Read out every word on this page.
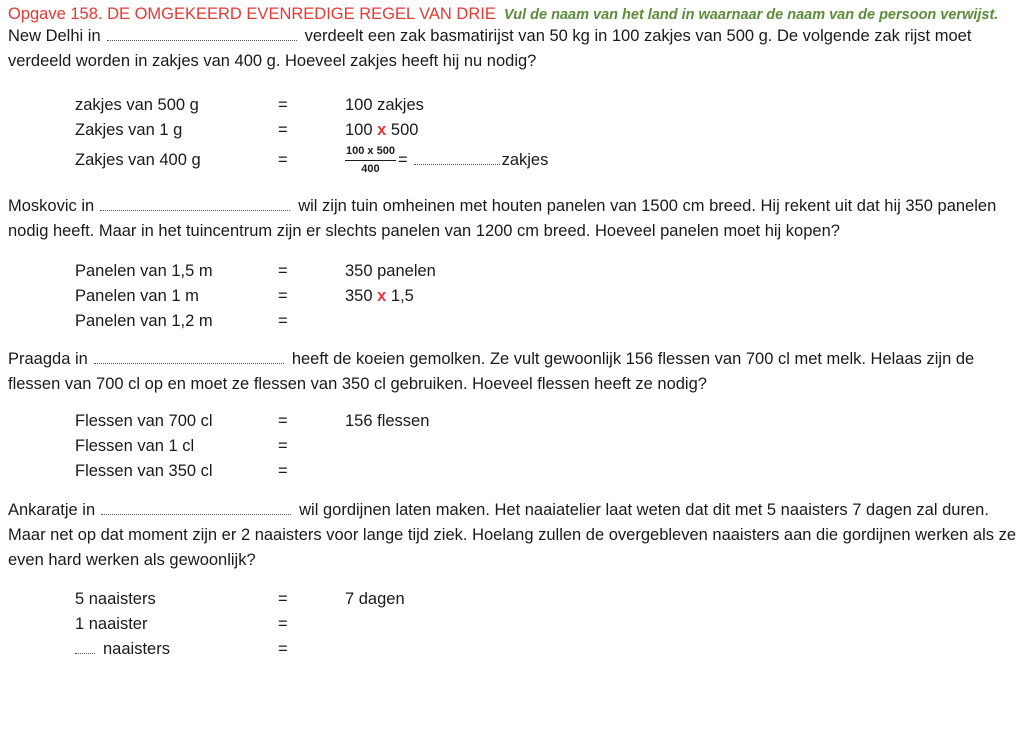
Opgave 158. DE OMGEKEERD EVENREDIGE REGEL VAN DRIE Vul de naam van het land in waarnaar de naam van de persoon verwijst.

New Delhi in	verdeelt een zak basmatirijst van 50 kg in 100 zakjes van 500 g. De volgende zak rijst moet verdeeld worden in zakjes van 400 g. Hoeveel zakjes heeft hij nu nodig?

zakjes van 500 g	=	100 zakjes
Zakjes van 1 g	=	100 x 500
Zakjes van 400 g	=	$\frac{100 x 500}{400}$ =	zakjes

Moskovic in	wil zijn tuin omheinen met houten panelen van 1500 cm breed. Hij rekent uit dat hij 350 panelen nodig heeft. Maar in het tuincentrum zijn er slechts panelen van 1200 cm breed. Hoeveel panelen moet hij kopen?

Panelen van 1,5 m	=	350 panelen
Panelen van 1 m	=	350 x 1,5
Panelen van 1,2 m	=

Praagda in	heeft de koeien gemolken. Ze vult gewoonlijk 156 flessen van 700 cl met melk. Helaas zijn de flessen van 700 cl op en moet ze flessen van 350 cl gebruiken. Hoeveel flessen heeft ze nodig?

Flessen van 700 cl	=	156 flessen
Flessen van 1 cl	=
Flessen van 350 cl	=

Ankaratje in	wil gordijnen laten maken. Het naaiatelier laat weten dat dit met 5 naaisters 7 dagen zal duren. Maar net op dat moment zijn er 2 naaisters voor lange tijd ziek. Hoelang zullen de overgebleven naaisters aan die gordijnen werken als ze even hard werken als gewoonlijk?

5 naaisters	=	7 dagen
1 naaister	=
naaisters	=
